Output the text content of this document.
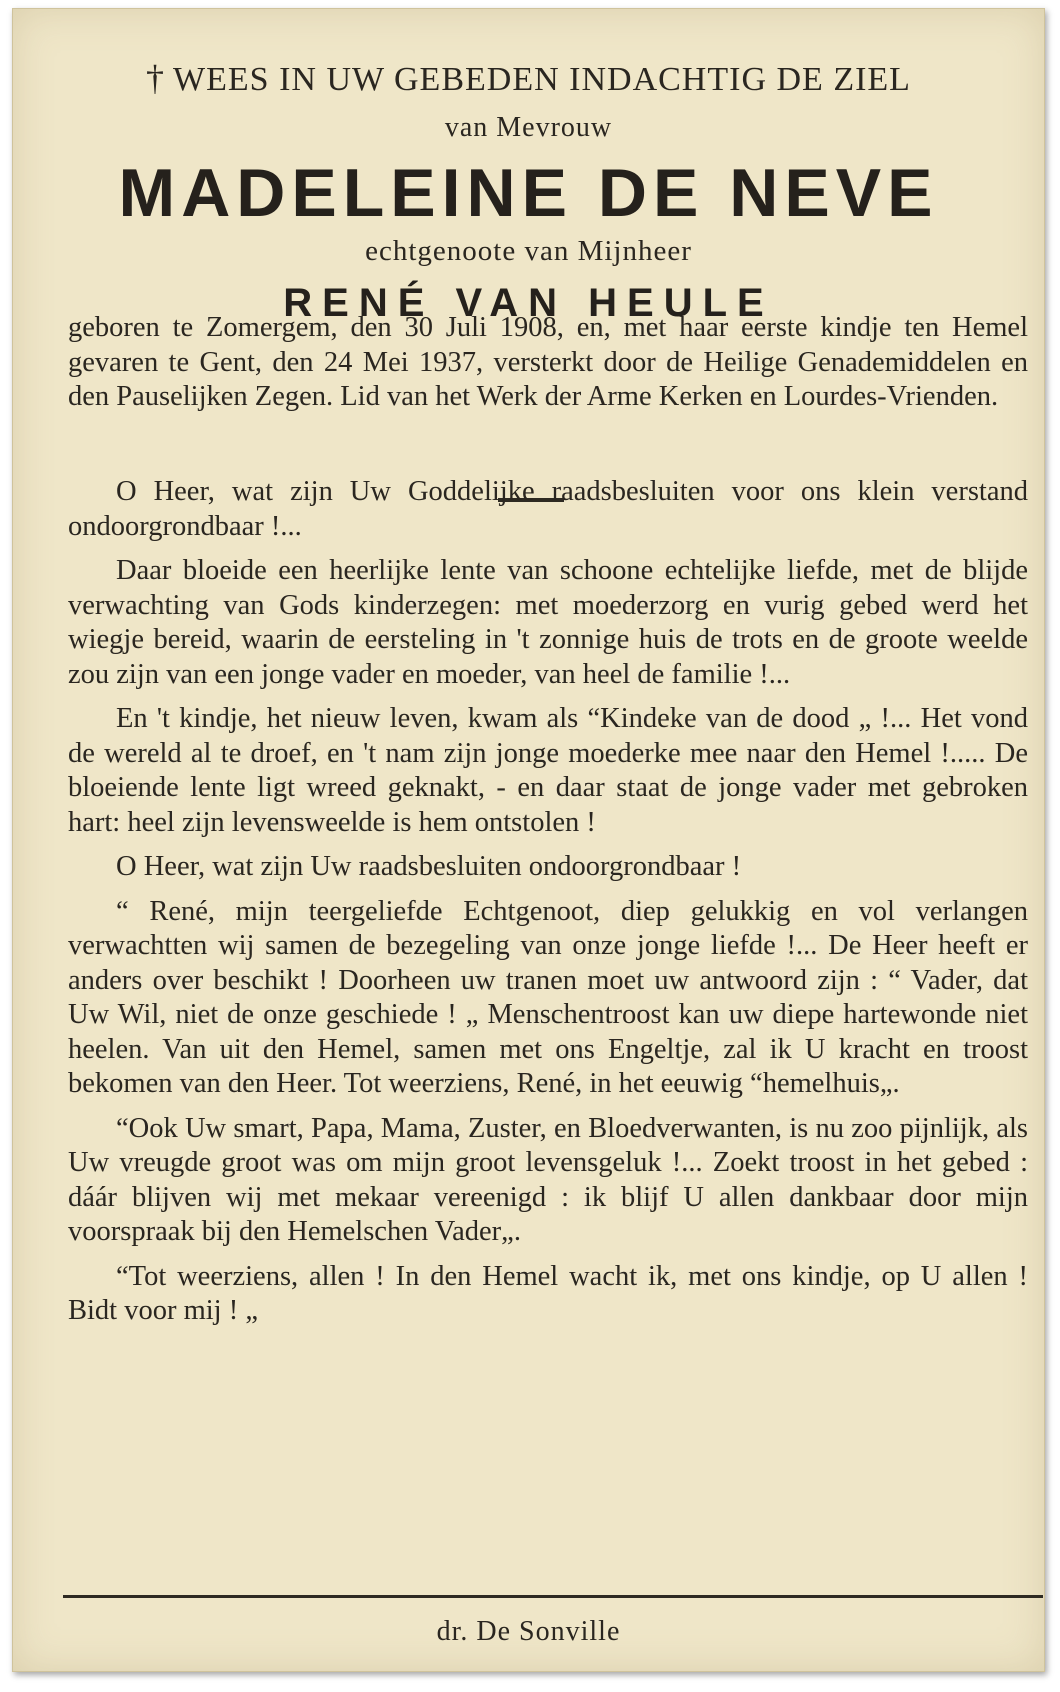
† WEES IN UW GEBEDEN INDACHTIG DE ZIEL
van Mevrouw
MADELEINE DE NEVE
echtgenoote van Mijnheer
RENÉ VAN HEULE

geboren te Zomergem, den 30 Juli 1908, en, met haar eerste kindje ten Hemel gevaren te Gent, den 24 Mei 1937, versterkt door de Heilige Genademiddelen en den Pauselijken Zegen. Lid van het Werk der Arme Kerken en Lourdes-Vrienden.

O Heer, wat zijn Uw Goddelijke raadsbesluiten voor ons klein verstand ondoorgrondbaar !...

Daar bloeide een heerlijke lente van schoone echtelijke liefde, met de blijde verwachting van Gods kinderzegen: met moederzorg en vurig gebed werd het wiegje bereid, waarin de eersteling in 't zonnige huis de trots en de groote weelde zou zijn van een jonge vader en moeder, van heel de familie !...

En 't kindje, het nieuw leven, kwam als “Kindeke van de dood „ !... Het vond de wereld al te droef, en 't nam zijn jonge moederke mee naar den Hemel !..... De bloeiende lente ligt wreed geknakt, - en daar staat de jonge vader met gebroken hart: heel zijn levensweelde is hem ontstolen !

O Heer, wat zijn Uw raadsbesluiten ondoorgrondbaar !

“ René, mijn teergeliefde Echtgenoot, diep gelukkig en vol verlangen verwachtten wij samen de bezegeling van onze jonge liefde !... De Heer heeft er anders over beschikt ! Doorheen uw tranen moet uw antwoord zijn : “ Vader, dat Uw Wil, niet de onze geschiede ! „ Menschentroost kan uw diepe hartewonde niet heelen. Van uit den Hemel, samen met ons Engeltje, zal ik U kracht en troost bekomen van den Heer. Tot weerziens, René, in het eeuwig “hemelhuis„.

“Ook Uw smart, Papa, Mama, Zuster, en Bloedverwanten, is nu zoo pijnlijk, als Uw vreugde groot was om mijn groot levensgeluk !... Zoekt troost in het gebed : dáár blijven wij met mekaar vereenigd : ik blijf U allen dankbaar door mijn voorspraak bij den Hemelschen Vader„.

“Tot weerziens, allen ! In den Hemel wacht ik, met ons kindje, op U allen ! Bidt voor mij ! „

dr. De Sonville
